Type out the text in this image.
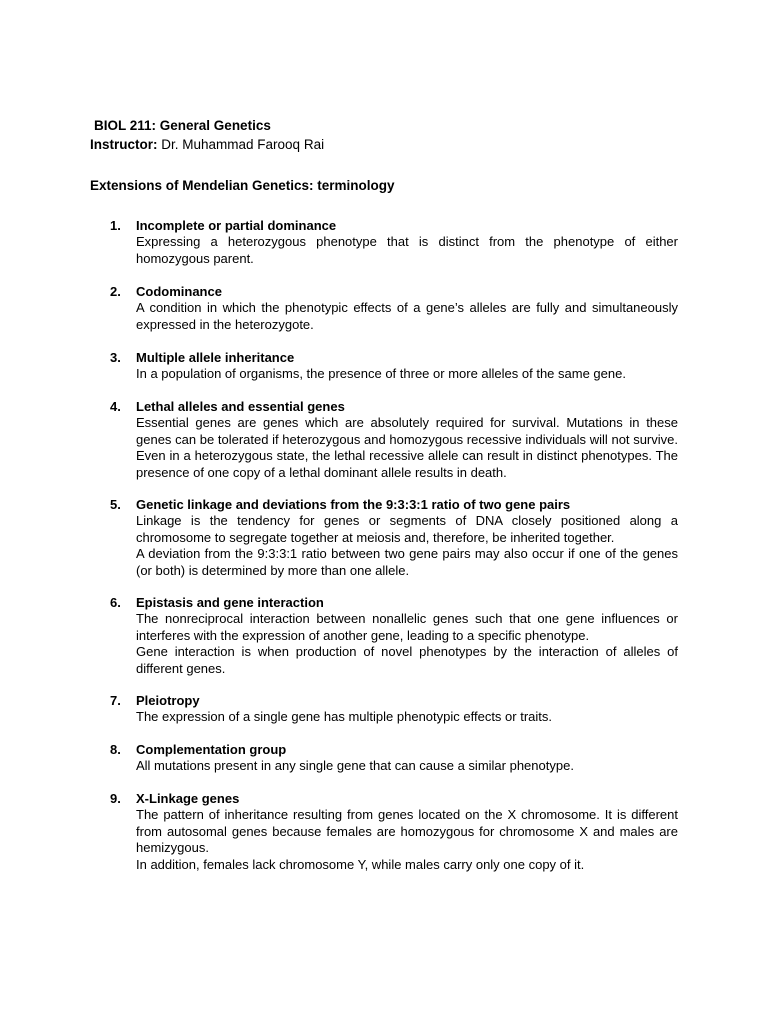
BIOL 211: General Genetics
Instructor: Dr. Muhammad Farooq Rai
Extensions of Mendelian Genetics: terminology
1. Incomplete or partial dominance

Expressing a heterozygous phenotype that is distinct from the phenotype of either homozygous parent.

2. Codominance

A condition in which the phenotypic effects of a gene’s alleles are fully and simultaneously expressed in the heterozygote.

3. Multiple allele inheritance

In a population of organisms, the presence of three or more alleles of the same gene.

4. Lethal alleles and essential genes

Essential genes are genes which are absolutely required for survival. Mutations in these genes can be tolerated if heterozygous and homozygous recessive individuals will not survive. Even in a heterozygous state, the lethal recessive allele can result in distinct phenotypes. The presence of one copy of a lethal dominant allele results in death.

5. Genetic linkage and deviations from the 9:3:3:1 ratio of two gene pairs

Linkage is the tendency for genes or segments of DNA closely positioned along a chromosome to segregate together at meiosis and, therefore, be inherited together.

A deviation from the 9:3:3:1 ratio between two gene pairs may also occur if one of the genes (or both) is determined by more than one allele.

6. Epistasis and gene interaction

The nonreciprocal interaction between nonallelic genes such that one gene influences or interferes with the expression of another gene, leading to a specific phenotype.

Gene interaction is when production of novel phenotypes by the interaction of alleles of different genes.

7. Pleiotropy

The expression of a single gene has multiple phenotypic effects or traits.

8. Complementation group

All mutations present in any single gene that can cause a similar phenotype.

9. X-Linkage genes

The pattern of inheritance resulting from genes located on the X chromosome. It is different from autosomal genes because females are homozygous for chromosome X and males are hemizygous.

In addition, females lack chromosome Y, while males carry only one copy of it.
